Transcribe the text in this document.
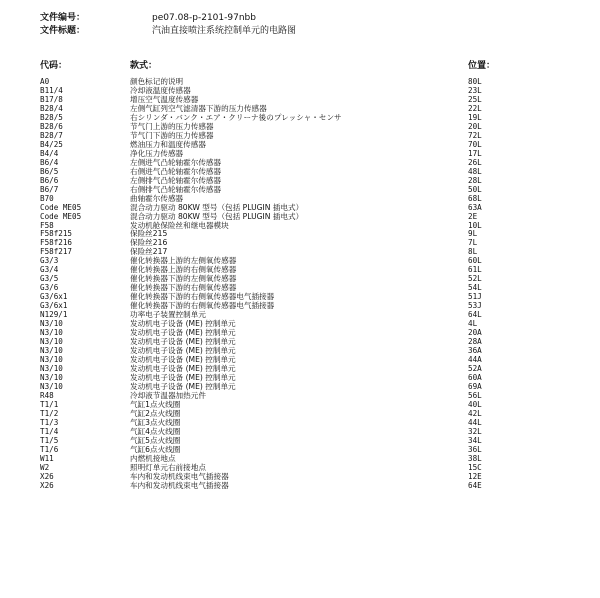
文件编号：	pe07.08-p-2101-97nbb
文件标题：	汽油直接喷注系统控制单元的电路图
代码：	款式：	位置：
A0	颜色标记的说明	80L
B11/4	冷却液温度传感器	23L
B17/8	增压空气温度传感器	25L
B28/4	左侧气缸列空气滤清器下游的压力传感器	22L
B28/5	右シリンダ・バンク・エア・クリーナ後のプレッシャ・センサ	19L
B28/6	节气门上游的压力传感器	20L
B28/7	节气门下游的压力传感器	72L
B4/25	燃油压力和温度传感器	70L
B4/4	净化压力传感器	17L
B6/4	左侧进气凸轮轴霍尔传感器	26L
B6/5	右侧进气凸轮轴霍尔传感器	48L
B6/6	左侧排气凸轮轴霍尔传感器	28L
B6/7	右侧排气凸轮轴霍尔传感器	50L
B70	曲轴霍尔传感器	68L
Code ME05	混合动力驱动 80KW 型号（包括 PLUGIN 插电式）	63A
Code ME05	混合动力驱动 80KW 型号（包括 PLUGIN 插电式）	2E
F58	发动机舱保险丝和继电器模块	10L
F58f215	保险丝215	9L
F58f216	保险丝216	7L
F58f217	保险丝217	8L
G3/3	催化转换器上游的左侧氧传感器	60L
G3/4	催化转换器上游的右侧氧传感器	61L
G3/5	催化转换器下游的左侧氧传感器	52L
G3/6	催化转换器下游的右侧氧传感器	54L
G3/6x1	催化转换器下游的右侧氧传感器电气插接器	51J
G3/6x1	催化转换器下游的右侧氧传感器电气插接器	53J
N129/1	功率电子装置控制单元	64L
N3/10	发动机电子设备 (ME) 控制单元	4L
N3/10	发动机电子设备 (ME) 控制单元	20A
N3/10	发动机电子设备 (ME) 控制单元	28A
N3/10	发动机电子设备 (ME) 控制单元	36A
N3/10	发动机电子设备 (ME) 控制单元	44A
N3/10	发动机电子设备 (ME) 控制单元	52A
N3/10	发动机电子设备 (ME) 控制单元	60A
N3/10	发动机电子设备 (ME) 控制单元	69A
R48	冷却液节温器加热元件	56L
T1/1	气缸1点火线圈	40L
T1/2	气缸2点火线圈	42L
T1/3	气缸3点火线圈	44L
T1/4	气缸4点火线圈	32L
T1/5	气缸5点火线圈	34L
T1/6	气缸6点火线圈	36L
W11	内燃机接地点	38L
W2	照明灯单元右前接地点	15C
X26	车内和发动机线束电气插接器	12E
X26	车内和发动机线束电气插接器	64E
